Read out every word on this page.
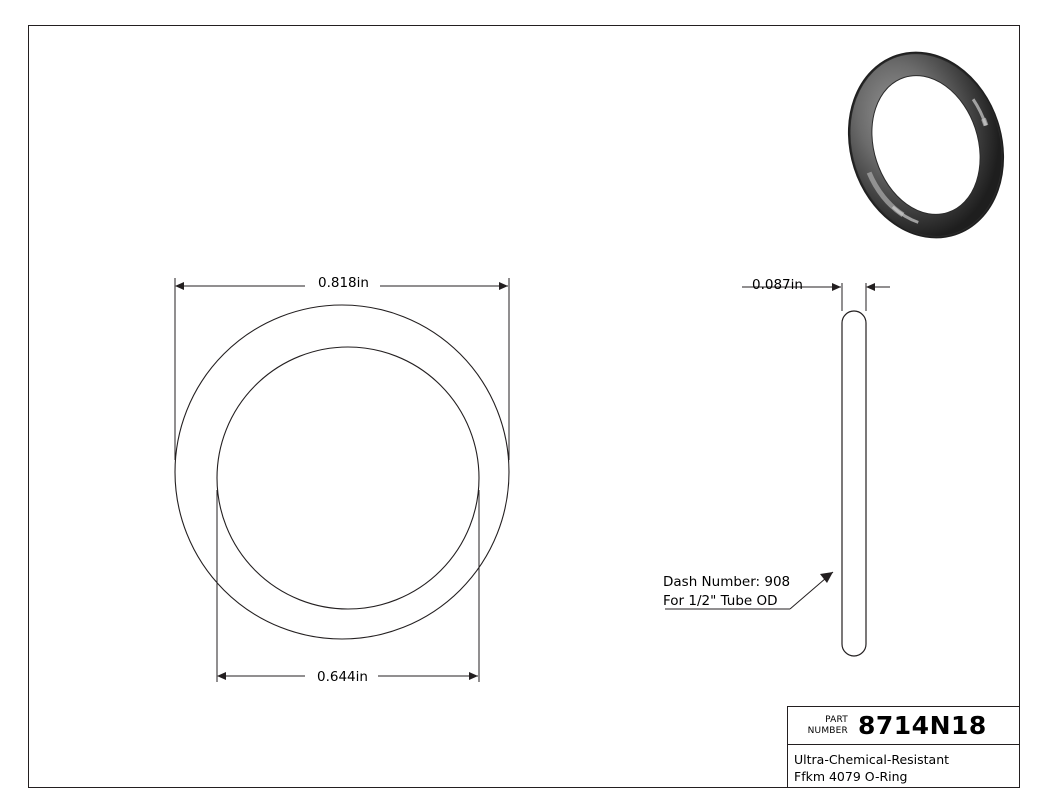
0.818in
0.644in
0.087in
Dash Number: 908
For 1/2" Tube OD
PART
NUMBER 8714N18
Ultra-Chemical-Resistant
Ffkm 4079 O-Ring
